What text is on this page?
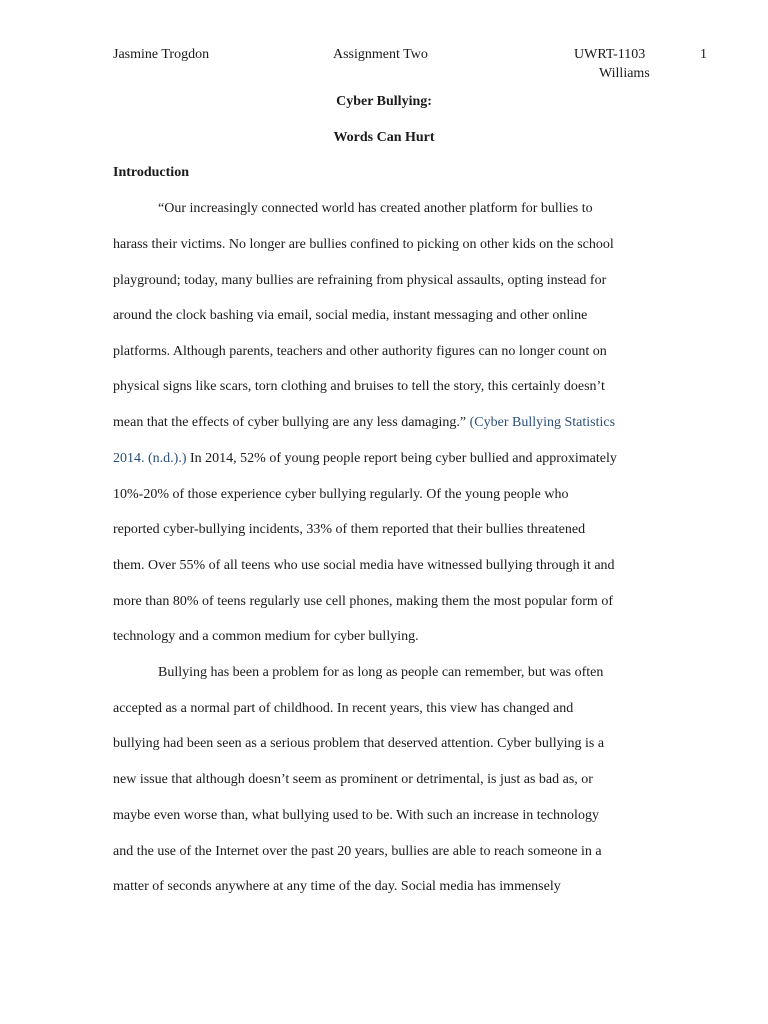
Jasmine Trogdon	Assignment Two	UWRT-1103
Williams
1
Cyber Bullying:
Words Can Hurt
Introduction
“Our increasingly connected world has created another platform for bullies to
harass their victims. No longer are bullies confined to picking on other kids on the school
playground; today, many bullies are refraining from physical assaults, opting instead for
around the clock bashing via email, social media, instant messaging and other online
platforms. Although parents, teachers and other authority figures can no longer count on
physical signs like scars, torn clothing and bruises to tell the story, this certainly doesn’t
mean that the effects of cyber bullying are any less damaging.” (Cyber Bullying Statistics
2014. (n.d.).) In 2014, 52% of young people report being cyber bullied and approximately
10%-20% of those experience cyber bullying regularly. Of the young people who
reported cyber-bullying incidents, 33% of them reported that their bullies threatened
them. Over 55% of all teens who use social media have witnessed bullying through it and
more than 80% of teens regularly use cell phones, making them the most popular form of
technology and a common medium for cyber bullying.
Bullying has been a problem for as long as people can remember, but was often
accepted as a normal part of childhood. In recent years, this view has changed and
bullying had been seen as a serious problem that deserved attention. Cyber bullying is a
new issue that although doesn’t seem as prominent or detrimental, is just as bad as, or
maybe even worse than, what bullying used to be. With such an increase in technology
and the use of the Internet over the past 20 years, bullies are able to reach someone in a
matter of seconds anywhere at any time of the day. Social media has immensely
